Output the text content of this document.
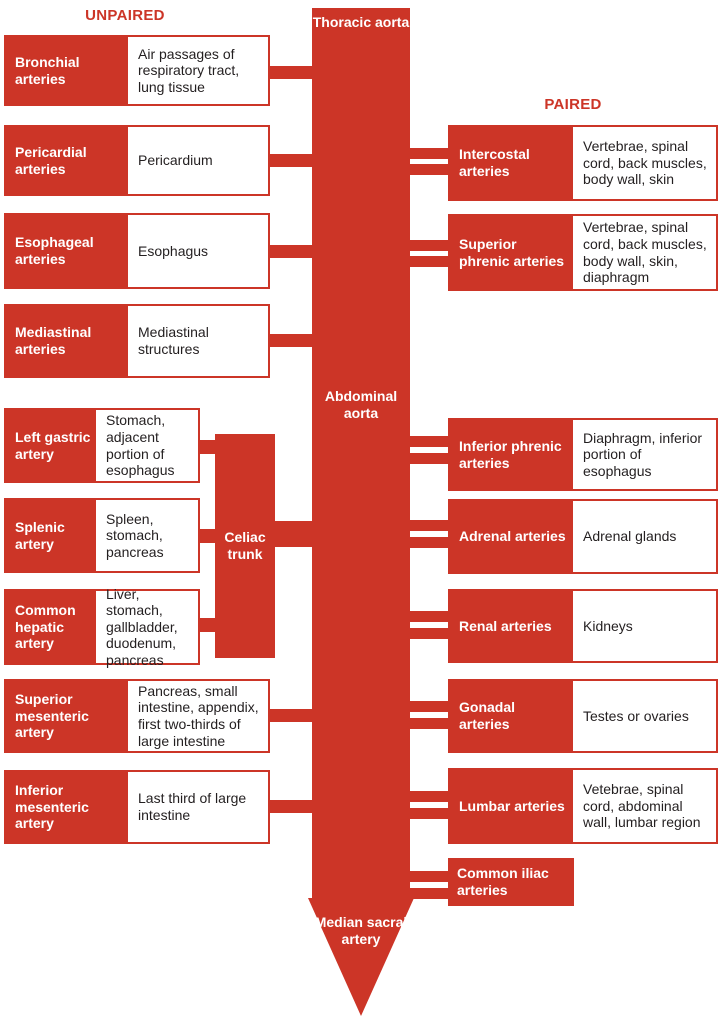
UNPAIRED
PAIRED
Thoracic aorta
Abdominal aorta
Median sacral artery
Celiac trunk
Bronchial arteries
Air passages of respiratory tract, lung tissue
Pericardial arteries
Pericardium
Esophageal arteries
Esophagus
Mediastinal arteries
Mediastinal structures
Left gastric artery
Stomach, adjacent portion of esophagus
Splenic artery
Spleen, stomach, pancreas
Common hepatic artery
Liver, stomach, gallbladder, duodenum, pancreas
Superior mesenteric artery
Pancreas, small intestine, appendix, first two-thirds of large intestine
Inferior mesenteric artery
Last third of large intestine
Intercostal arteries
Vertebrae, spinal cord, back muscles, body wall, skin
Superior phrenic arteries
Vertebrae, spinal cord, back muscles, body wall, skin, diaphragm
Inferior phrenic arteries
Diaphragm, inferior portion of esophagus
Adrenal arteries	Adrenal glands
Renal arteries	Kidneys
Gonadal arteries
Testes or ovaries
Lumbar arteries
Vetebrae, spinal cord, abdominal wall, lumbar region
Common iliac arteries
